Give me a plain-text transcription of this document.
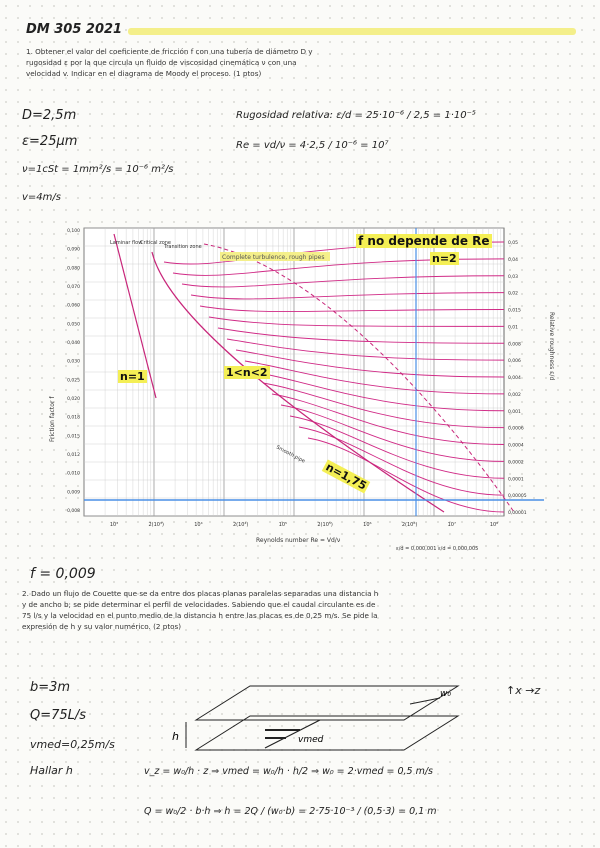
DM 305 2021
1. Obtener el valor del coeficiente de fricción f con una tubería de diámetro D y rugosidad ε por la que circula un fluido de viscosidad cinemática ν con una velocidad v. Indicar en el diagrama de Moody el proceso. (1 ptos)
D=2,5m
ε=25μm
ν=1cSt = 1mm²/s = 10⁻⁶ m²/s
v=4m/s
Rugosidad relativa: ε/d = 25·10⁻⁶ / 2,5 = 1·10⁻⁵
Re = vd/ν = 4·2,5 / 10⁻⁶ = 10⁷
0,100
0,090
0,080
0,070
0,060
0,050
0,040
0,030
0,025
0,020
0,018
0,015
0,012
0,010
0,009
0,008
0,05
0,04
0,03
0,02
0,015
0,01
0,008
0,006
0,004
0,002
0,001
0,0006
0,0004
0,0002
0,0001
0,00005
0,00001
10³	2(10³)	10⁴	2(10⁴)	10⁵	2(10⁵)	10⁶	2(10⁶)	10⁷	10⁸
Complete turbulence, rough pipes
Laminar flow
Critical zone
Transition zone
Smooth pipe
Friction factor f
Relative roughness ε/d
Reynolds number Re = Vd/ν
ε/d = 0,000,001 ε/d = 0,000,005
f no depende de Re
n=2
n=1	1<n<2
n=1,75
f = 0,009
2. Dado un flujo de Couette que se da entre dos placas planas paralelas separadas una distancia h y de ancho b; se pide determinar el perfil de velocidades. Sabiendo que el caudal circulante es de 75 l/s y la velocidad en el punto medio de la distancia h entre las placas es de 0,25 m/s. Se pide la expresión de h y su valor numérico. (2 ptos)
b=3m
Q=75L/s
vmed=0,25m/s
Hallar h
h	vmed
w₀	↑x →z
v_z = w₀/h · z ⇒ vmed = w₀/h · h/2 ⇒ w₀ = 2·vmed = 0,5 m/s
Q = w₀/2 · b·h ⇒ h = 2Q / (w₀·b) = 2·75·10⁻³ / (0,5·3) = 0,1 m
